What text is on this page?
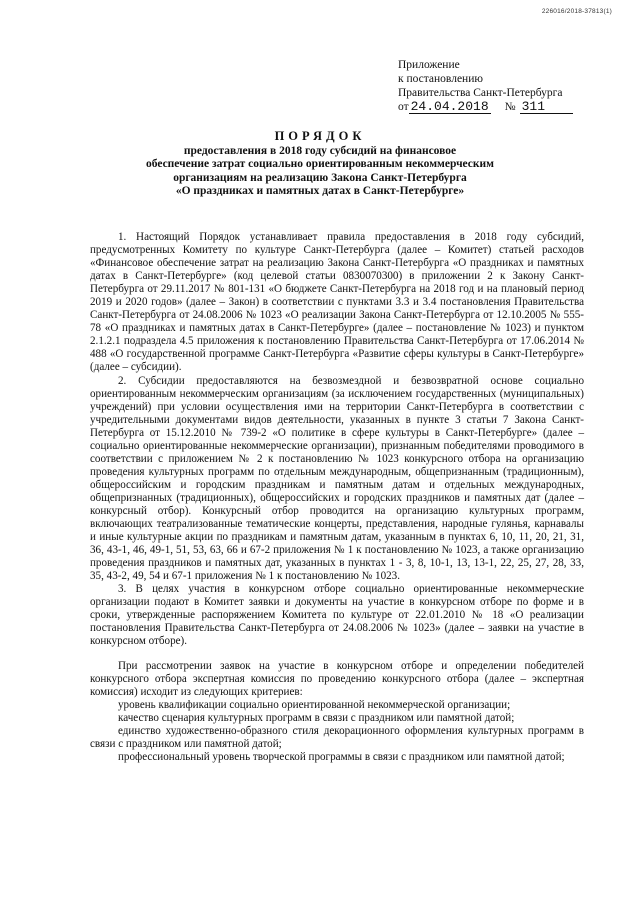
226016/2018-37813(1)
Приложение
к постановлению
Правительства Санкт-Петербурга
от 24.04.2018 № 311
ПОРЯДОК
предоставления в 2018 году субсидий на финансовое
обеспечение затрат социально ориентированным некоммерческим
организациям на реализацию Закона Санкт-Петербурга
«О праздниках и памятных датах в Санкт-Петербурге»

1. Настоящий Порядок устанавливает правила предоставления в 2018 году субсидий, предусмотренных Комитету по культуре Санкт-Петербурга (далее – Комитет) статьей расходов «Финансовое обеспечение затрат на реализацию Закона Санкт-Петербурга «О праздниках и памятных датах в Санкт-Петербурге» (код целевой статьи 0830070300) в приложении 2 к Закону Санкт-Петербурга от 29.11.2017 № 801-131 «О бюджете Санкт-Петербурга на 2018 год и на плановый период 2019 и 2020 годов» (далее – Закон) в соответствии с пунктами 3.3 и 3.4 постановления Правительства Санкт-Петербурга от 24.08.2006 № 1023 «О реализации Закона Санкт-Петербурга от 12.10.2005 № 555-78 «О праздниках и памятных датах в Санкт-Петербурге» (далее – постановление № 1023) и пунктом 2.1.2.1 подраздела 4.5 приложения к постановлению Правительства Санкт-Петербурга от 17.06.2014 № 488 «О государственной программе Санкт-Петербурга «Развитие сферы культуры в Санкт-Петербурге» (далее – субсидии).

2. Субсидии предоставляются на безвозмездной и безвозвратной основе социально ориентированным некоммерческим организациям (за исключением государственных (муниципальных) учреждений) при условии осуществления ими на территории Санкт-Петербурга в соответствии с учредительными документами видов деятельности, указанных в пункте 3 статьи 7 Закона Санкт-Петербурга от 15.12.2010 № 739-2 «О политике в сфере культуры в Санкт-Петербурге» (далее – социально ориентированные некоммерческие организации), признанным победителями проводимого в соответствии с приложением № 2 к постановлению № 1023 конкурсного отбора на организацию проведения культурных программ по отдельным международным, общепризнанным (традиционным), общероссийским и городским праздникам и памятным датам и отдельных международных, общепризнанных (традиционных), общероссийских и городских праздников и памятных дат (далее – конкурсный отбор). Конкурсный отбор проводится на организацию культурных программ, включающих театрализованные тематические концерты, представления, народные гулянья, карнавалы и иные культурные акции по праздникам и памятным датам, указанным в пунктах 6, 10, 11, 20, 21, 31, 36, 43-1, 46, 49-1, 51, 53, 63, 66 и 67-2 приложения № 1 к постановлению № 1023, а также организацию проведения праздников и памятных дат, указанных в пунктах 1 - 3, 8, 10-1, 13, 13-1, 22, 25, 27, 28, 33, 35, 43-2, 49, 54 и 67-1 приложения № 1 к постановлению № 1023.

3. В целях участия в конкурсном отборе социально ориентированные некоммерческие организации подают в Комитет заявки и документы на участие в конкурсном отборе по форме и в сроки, утвержденные распоряжением Комитета по культуре от 22.01.2010 № 18 «О реализации постановления Правительства Санкт-Петербурга от 24.08.2006 № 1023» (далее – заявки на участие в конкурсном отборе).

При рассмотрении заявок на участие в конкурсном отборе и определении победителей конкурсного отбора экспертная комиссия по проведению конкурсного отбора (далее – экспертная комиссия) исходит из следующих критериев:

уровень квалификации социально ориентированной некоммерческой организации;

качество сценария культурных программ в связи с праздником или памятной датой;

единство художественно-образного стиля декорационного оформления культурных программ в связи с праздником или памятной датой;

профессиональный уровень творческой программы в связи с праздником или памятной датой;
